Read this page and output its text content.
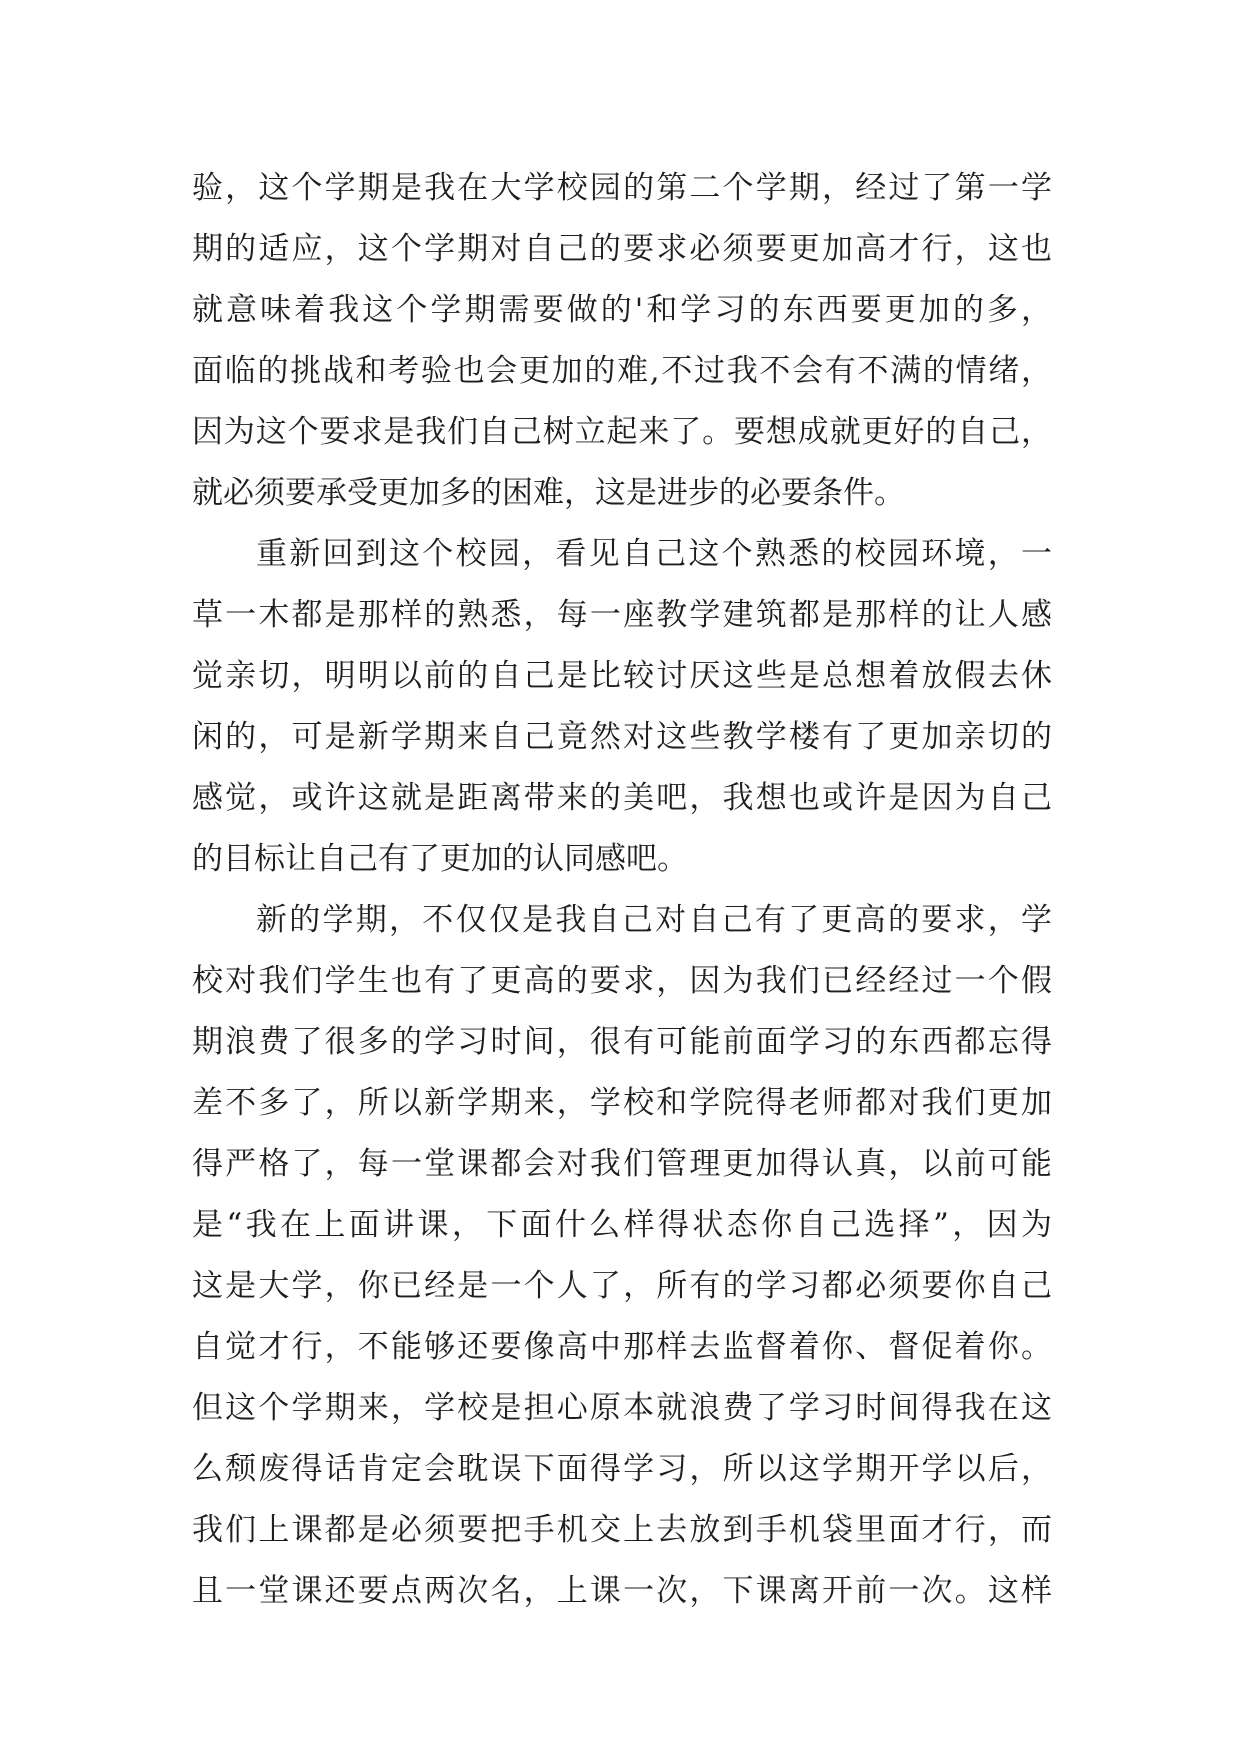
验，这个学期是我在大学校园的第二个学期，经过了第一学
期的适应，这个学期对自己的要求必须要更加高才行，这也
就意味着我这个学期需要做的'和学习的东西要更加的多，
面临的挑战和考验也会更加的难,不过我不会有不满的情绪，
因为这个要求是我们自己树立起来了。要想成就更好的自己，
就必须要承受更加多的困难，这是进步的必要条件。
重新回到这个校园，看见自己这个熟悉的校园环境，一
草一木都是那样的熟悉，每一座教学建筑都是那样的让人感
觉亲切，明明以前的自己是比较讨厌这些是总想着放假去休
闲的，可是新学期来自己竟然对这些教学楼有了更加亲切的
感觉，或许这就是距离带来的美吧，我想也或许是因为自己
的目标让自己有了更加的认同感吧。
新的学期，不仅仅是我自己对自己有了更高的要求，学
校对我们学生也有了更高的要求，因为我们已经经过一个假
期浪费了很多的学习时间，很有可能前面学习的东西都忘得
差不多了，所以新学期来，学校和学院得老师都对我们更加
得严格了，每一堂课都会对我们管理更加得认真，以前可能
是“我在上面讲课，下面什么样得状态你自己选择”，因为
这是大学，你已经是一个人了，所有的学习都必须要你自己
自觉才行，不能够还要像高中那样去监督着你、督促着你。
但这个学期来，学校是担心原本就浪费了学习时间得我在这
么颓废得话肯定会耽误下面得学习，所以这学期开学以后，
我们上课都是必须要把手机交上去放到手机袋里面才行，而
且一堂课还要点两次名，上课一次，下课离开前一次。这样
